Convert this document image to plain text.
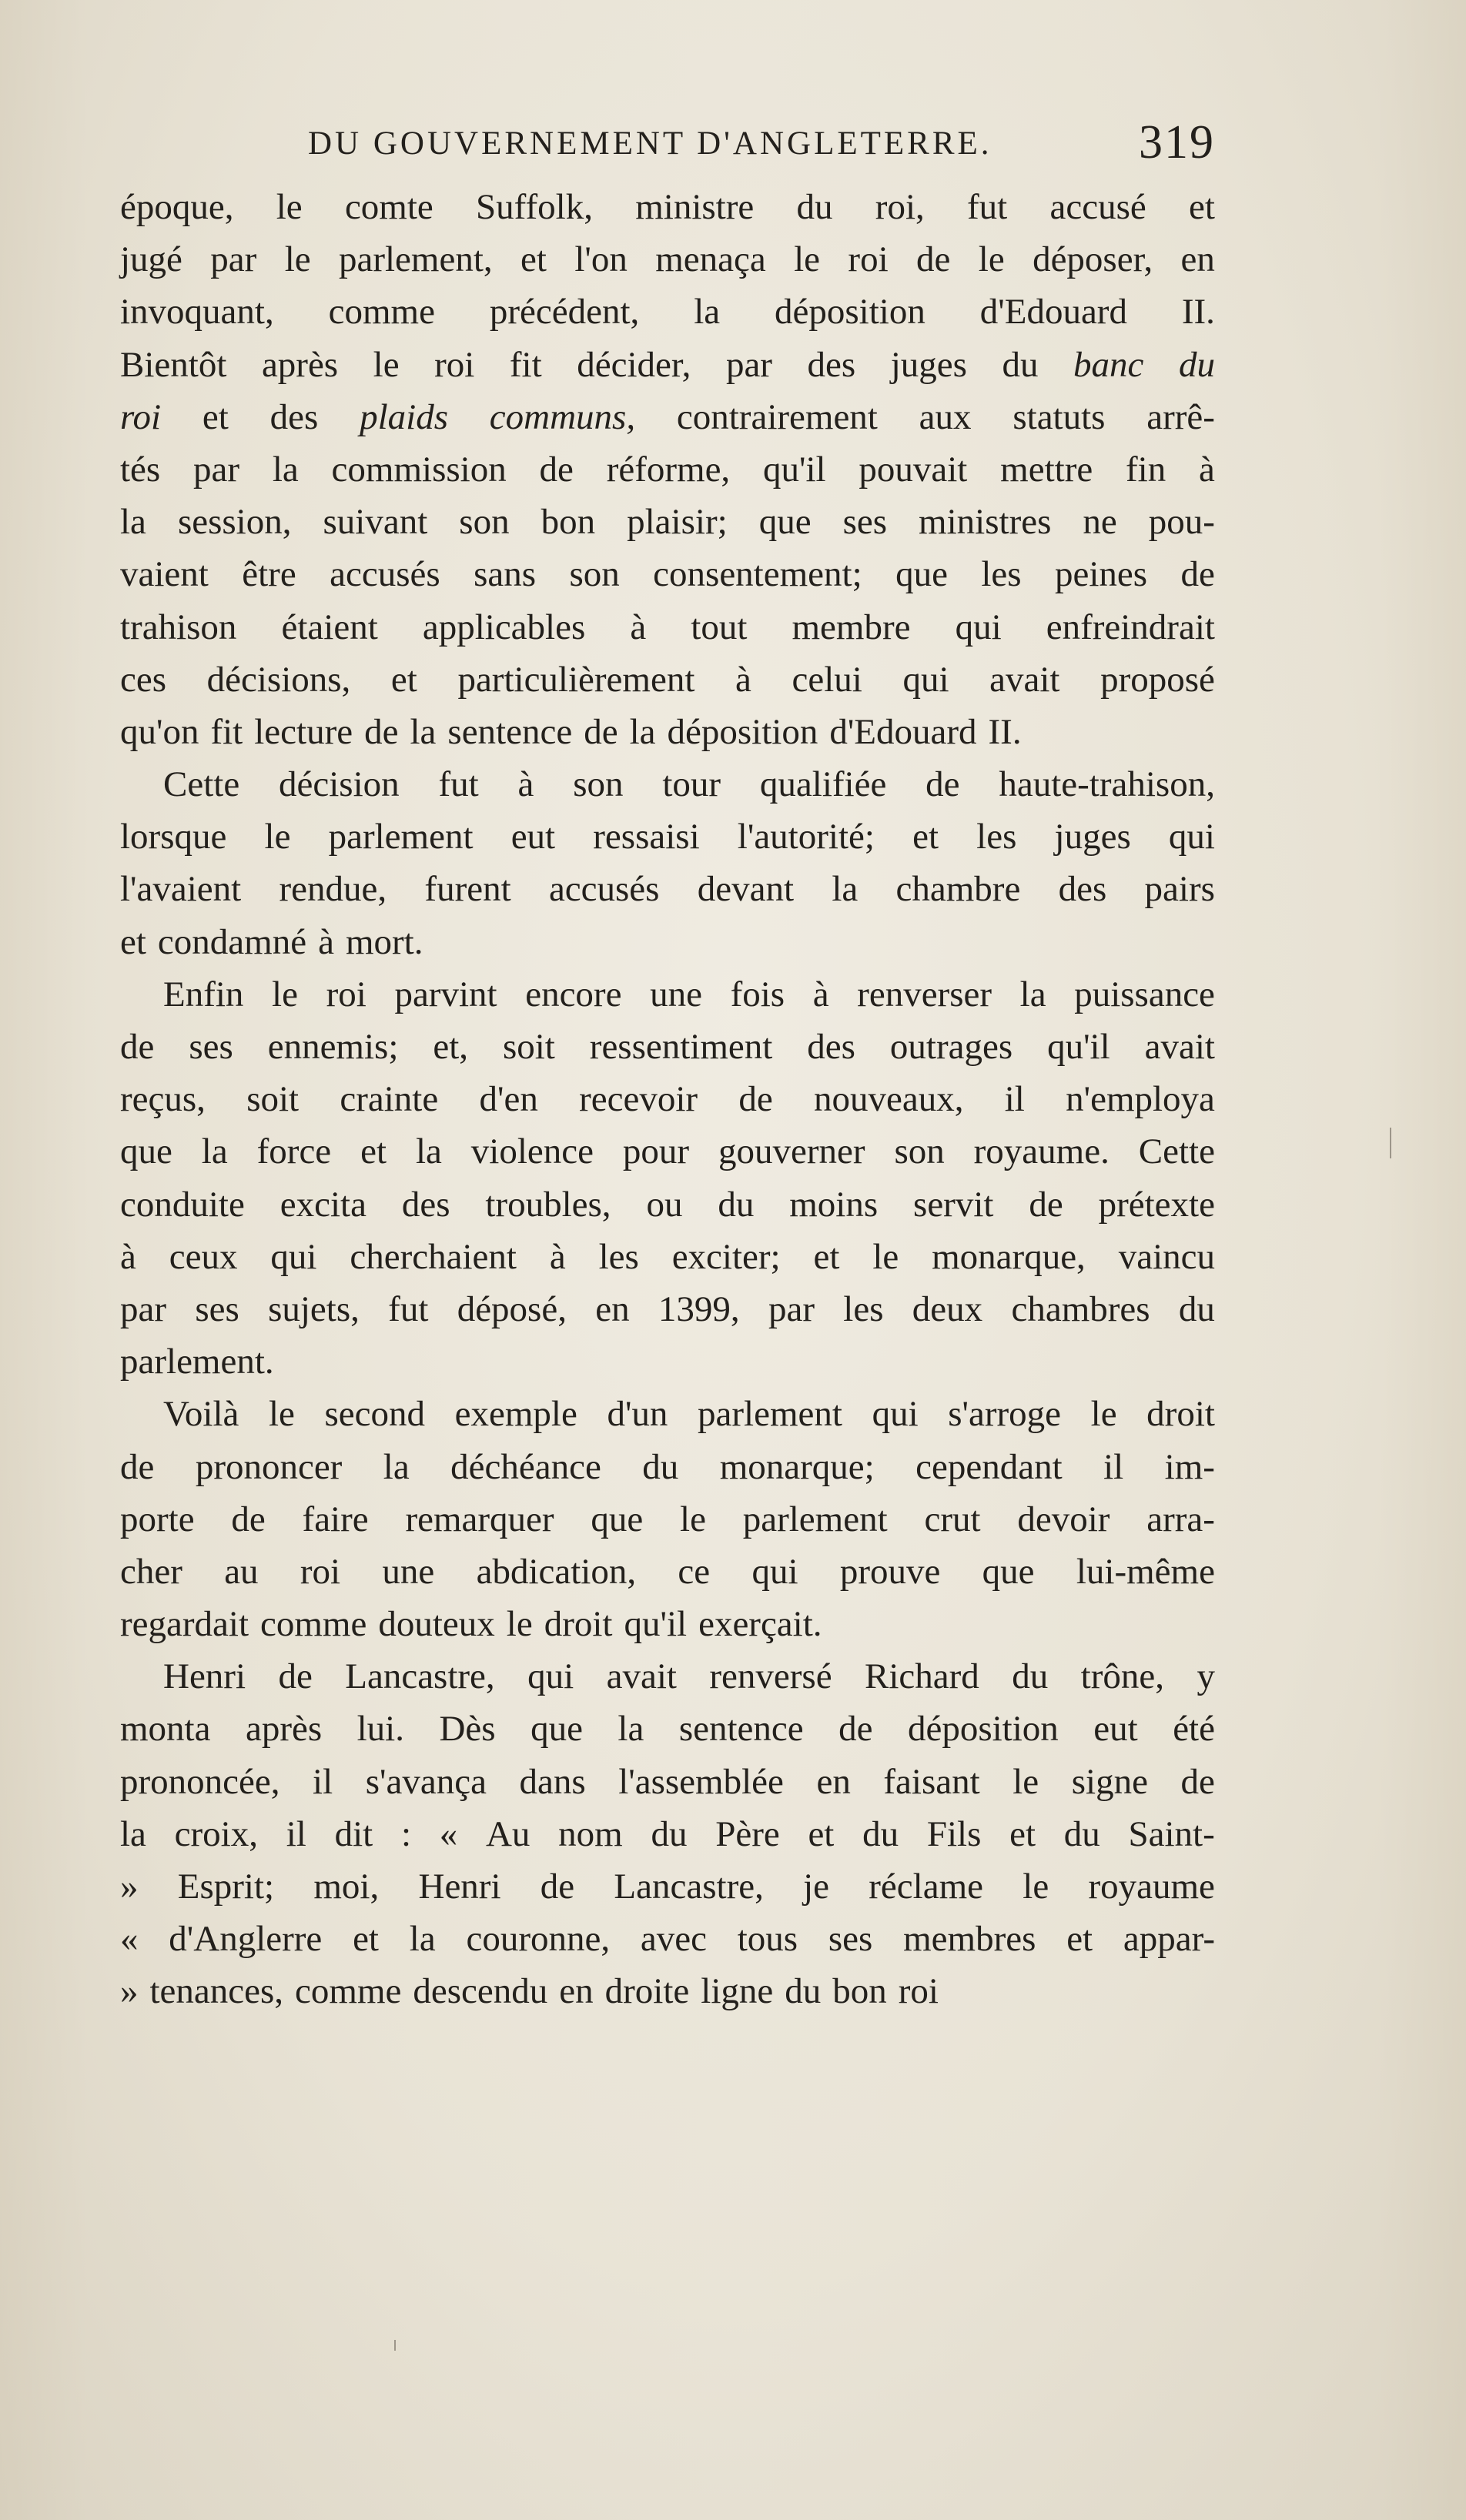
DU GOUVERNEMENT D'ANGLETERRE.	319
époque, le comte Suffolk, ministre du roi, fut accusé et
jugé par le parlement, et l'on menaça le roi de le déposer, en
invoquant, comme précédent, la déposition d'Edouard II.
Bientôt après le roi fit décider, par des juges du banc du
roi et des plaids communs, contrairement aux statuts arrê-
tés par la commission de réforme, qu'il pouvait mettre fin à
la session, suivant son bon plaisir; que ses ministres ne pou-
vaient être accusés sans son consentement; que les peines de
trahison étaient applicables à tout membre qui enfreindrait
ces décisions, et particulièrement à celui qui avait proposé
qu'on fit lecture de la sentence de la déposition d'Edouard II.
Cette décision fut à son tour qualifiée de haute-trahison,
lorsque le parlement eut ressaisi l'autorité; et les juges qui
l'avaient rendue, furent accusés devant la chambre des pairs
et condamné à mort.
Enfin le roi parvint encore une fois à renverser la puissance
de ses ennemis; et, soit ressentiment des outrages qu'il avait
reçus, soit crainte d'en recevoir de nouveaux, il n'employa
que la force et la violence pour gouverner son royaume. Cette
conduite excita des troubles, ou du moins servit de prétexte
à ceux qui cherchaient à les exciter; et le monarque, vaincu
par ses sujets, fut déposé, en 1399, par les deux chambres du
parlement.
Voilà le second exemple d'un parlement qui s'arroge le droit
de prononcer la déchéance du monarque; cependant il im-
porte de faire remarquer que le parlement crut devoir arra-
cher au roi une abdication, ce qui prouve que lui-même
regardait comme douteux le droit qu'il exerçait.
Henri de Lancastre, qui avait renversé Richard du trône, y
monta après lui. Dès que la sentence de déposition eut été
prononcée, il s'avança dans l'assemblée en faisant le signe de
la croix, il dit : « Au nom du Père et du Fils et du Saint-
» Esprit; moi, Henri de Lancastre, je réclame le royaume
« d'Anglerre et la couronne, avec tous ses membres et appar-
» tenances, comme descendu en droite ligne du bon roi
